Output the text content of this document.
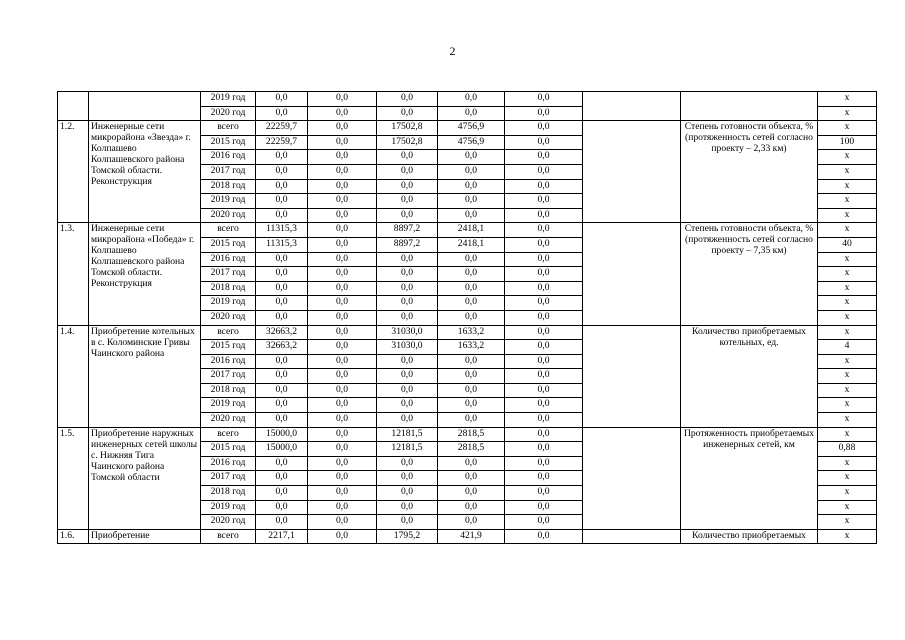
2
		2019 год	0,0	0,0	0,0	0,0	0,0			x
		2020 год	0,0	0,0	0,0	0,0	0,0			x
1.2.	Инженерные сети микрорайона «Звезда» г. Колпашево Колпашевского района Томской области. Реконструкция	всего	22259,7	0,0	17502,8	4756,9	0,0		Степень готовности объекта, % (протяженность сетей согласно проекту – 2,33 км)	x
		2015 год	22259,7	0,0	17502,8	4756,9	0,0			100
		2016 год	0,0	0,0	0,0	0,0	0,0			x
		2017 год	0,0	0,0	0,0	0,0	0,0			x
		2018 год	0,0	0,0	0,0	0,0	0,0			x
		2019 год	0,0	0,0	0,0	0,0	0,0			x
		2020 год	0,0	0,0	0,0	0,0	0,0			x
1.3.	Инженерные сети микрорайона «Победа» г. Колпашево Колпашевского района Томской области. Реконструкция	всего	11315,3	0,0	8897,2	2418,1	0,0		Степень готовности объекта, % (протяженность сетей согласно проекту – 7,35 км)	x
		2015 год	11315,3	0,0	8897,2	2418,1	0,0			40
		2016 год	0,0	0,0	0,0	0,0	0,0			x
		2017 год	0,0	0,0	0,0	0,0	0,0			x
		2018 год	0,0	0,0	0,0	0,0	0,0			x
		2019 год	0,0	0,0	0,0	0,0	0,0			x
		2020 год	0,0	0,0	0,0	0,0	0,0			x
1.4.	Приобретение котельных в с. Коломинские Гривы Чаинского района	всего	32663,2	0,0	31030,0	1633,2	0,0		Количество приобретаемых котельных, ед.	x
		2015 год	32663,2	0,0	31030,0	1633,2	0,0			4
		2016 год	0,0	0,0	0,0	0,0	0,0			x
		2017 год	0,0	0,0	0,0	0,0	0,0			x
		2018 год	0,0	0,0	0,0	0,0	0,0			x
		2019 год	0,0	0,0	0,0	0,0	0,0			x
		2020 год	0,0	0,0	0,0	0,0	0,0			x
1.5.	Приобретение наружных инженерных сетей школы с. Нижняя Тига Чаинского района Томской области	всего	15000,0	0,0	12181,5	2818,5	0,0		Протяженность приобретаемых инженерных сетей, км	x
		2015 год	15000,0	0,0	12181,5	2818,5	0,0			0,88
		2016 год	0,0	0,0	0,0	0,0	0,0			x
		2017 год	0,0	0,0	0,0	0,0	0,0			x
		2018 год	0,0	0,0	0,0	0,0	0,0			x
		2019 год	0,0	0,0	0,0	0,0	0,0			x
		2020 год	0,0	0,0	0,0	0,0	0,0			x
1.6.	Приобретение	всего	2217,1	0,0	1795,2	421,9	0,0		Количество приобретаемых	x
